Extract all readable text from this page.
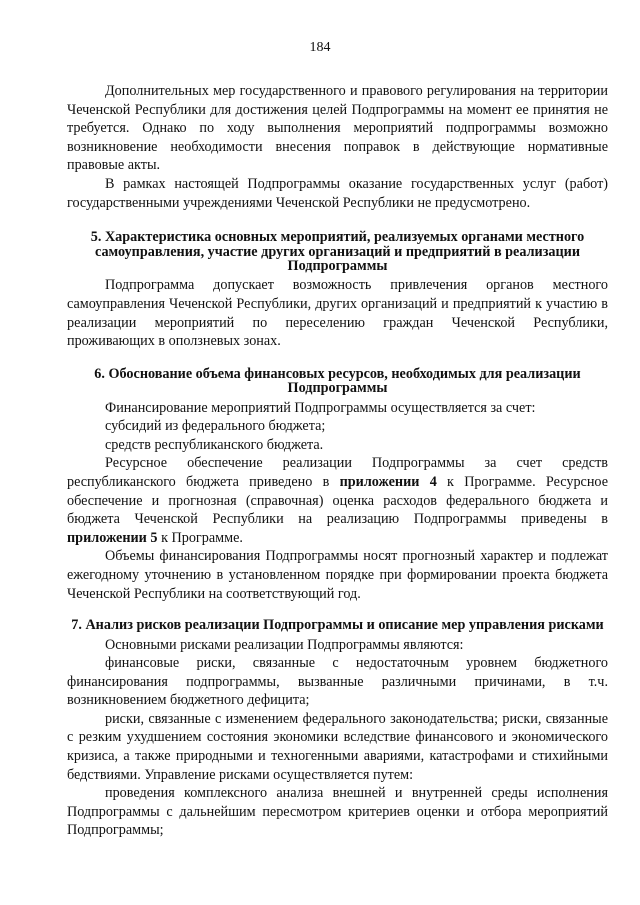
184

Дополнительных мер государственного и правового регулирования на территории Чеченской Республики для достижения целей Подпрограммы на момент ее принятия не требуется. Однако по ходу выполнения мероприятий подпрограммы возможно возникновение необходимости внесения поправок в действующие нормативные правовые акты.

В рамках настоящей Подпрограммы оказание государственных услуг (работ) государственными учреждениями Чеченской Республики не предусмотрено.

5. Характеристика основных мероприятий, реализуемых органами местного самоуправления, участие других организаций и предприятий в реализации Подпрограммы

Подпрограмма допускает возможность привлечения органов местного самоуправления Чеченской Республики, других организаций и предприятий к участию в реализации мероприятий по переселению граждан Чеченской Республики, проживающих в оползневых зонах.

6. Обоснование объема финансовых ресурсов, необходимых для реализации Подпрограммы

Финансирование мероприятий Подпрограммы осуществляется за счет:

субсидий из федерального бюджета;

средств республиканского бюджета.

Ресурсное обеспечение реализации Подпрограммы за счет средств республиканского бюджета приведено в приложении 4 к Программе. Ресурсное обеспечение и прогнозная (справочная) оценка расходов федерального бюджета и бюджета Чеченской Республики на реализацию Подпрограммы приведены в приложении 5 к Программе.

Объемы финансирования Подпрограммы носят прогнозный характер и подлежат ежегодному уточнению в установленном порядке при формировании проекта бюджета Чеченской Республики на соответствующий год.

7. Анализ рисков реализации Подпрограммы и описание мер управления рисками

Основными рисками реализации Подпрограммы являются:

финансовые риски, связанные с недостаточным уровнем бюджетного финансирования подпрограммы, вызванные различными причинами, в т.ч. возникновением бюджетного дефицита;

риски, связанные с изменением федерального законодательства; риски, связанные с резким ухудшением состояния экономики вследствие финансового и экономического кризиса, а также природными и техногенными авариями, катастрофами и стихийными бедствиями. Управление рисками осуществляется путем:

проведения комплексного анализа внешней и внутренней среды исполнения Подпрограммы с дальнейшим пересмотром критериев оценки и отбора мероприятий Подпрограммы;
